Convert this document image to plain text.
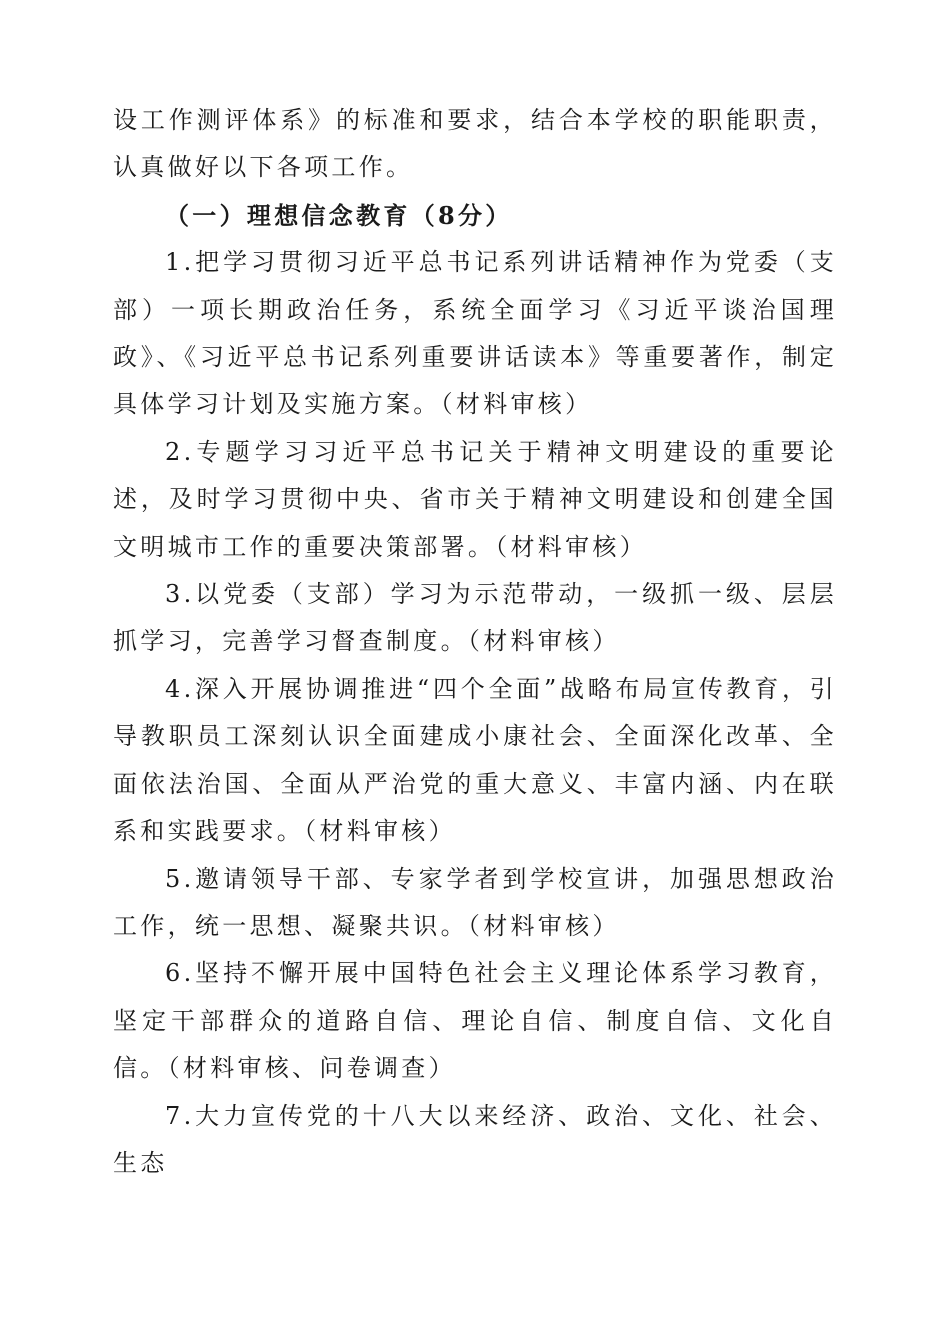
设工作测评体系》的标准和要求，结合本学校的职能职责，认真做好以下各项工作。

（一）理想信念教育（8分）

1.把学习贯彻习近平总书记系列讲话精神作为党委（支部）一项长期政治任务，系统全面学习《习近平谈治国理政》、《习近平总书记系列重要讲话读本》等重要著作，制定具体学习计划及实施方案。（材料审核）

2.专题学习习近平总书记关于精神文明建设的重要论述，及时学习贯彻中央、省市关于精神文明建设和创建全国文明城市工作的重要决策部署。（材料审核）

3.以党委（支部）学习为示范带动，一级抓一级、层层抓学习，完善学习督查制度。（材料审核）

4.深入开展协调推进“四个全面”战略布局宣传教育，引导教职员工深刻认识全面建成小康社会、全面深化改革、全面依法治国、全面从严治党的重大意义、丰富内涵、内在联系和实践要求。（材料审核）

5.邀请领导干部、专家学者到学校宣讲，加强思想政治工作，统一思想、凝聚共识。（材料审核）

6.坚持不懈开展中国特色社会主义理论体系学习教育，坚定干部群众的道路自信、理论自信、制度自信、文化自信。（材料审核、问卷调查）

7.大力宣传党的十八大以来经济、政治、文化、社会、生态
